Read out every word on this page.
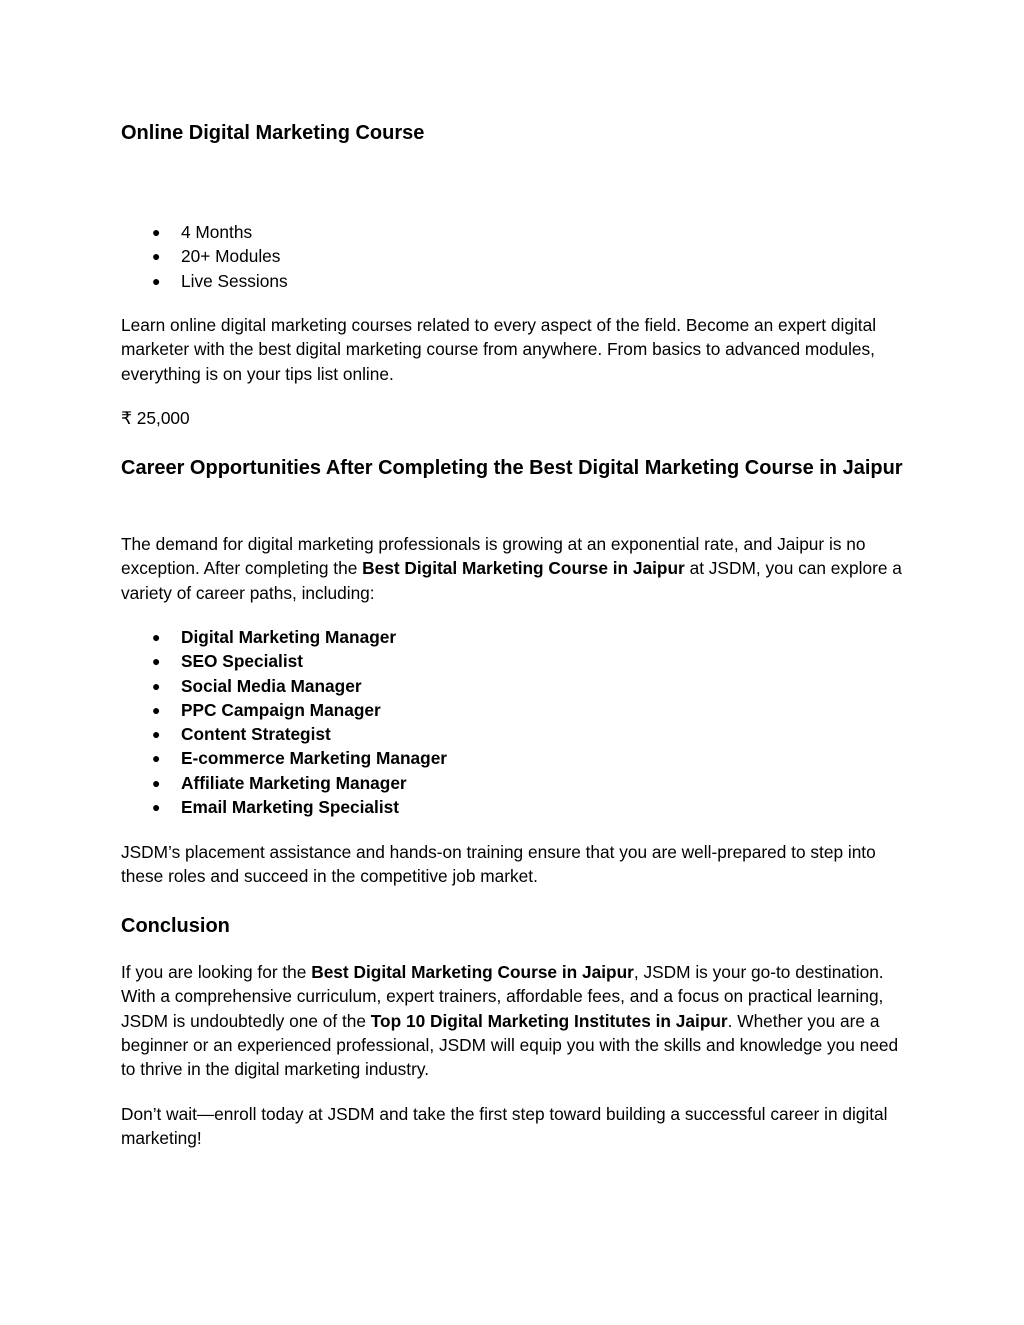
Online Digital Marketing Course
● 4 Months
● 20+ Modules
● Live Sessions

Learn online digital marketing courses related to every aspect of the field. Become an expert digital marketer with the best digital marketing course from anywhere. From basics to advanced modules, everything is on your tips list online.

₹ 25,000

Career Opportunities After Completing the Best Digital Marketing Course in Jaipur

The demand for digital marketing professionals is growing at an exponential rate, and Jaipur is no exception. After completing the Best Digital Marketing Course in Jaipur at JSDM, you can explore a variety of career paths, including:

● Digital Marketing Manager
● SEO Specialist
● Social Media Manager
● PPC Campaign Manager
● Content Strategist
● E-commerce Marketing Manager
● Affiliate Marketing Manager
● Email Marketing Specialist

JSDM’s placement assistance and hands-on training ensure that you are well-prepared to step into these roles and succeed in the competitive job market.

Conclusion

If you are looking for the Best Digital Marketing Course in Jaipur, JSDM is your go-to destination. With a comprehensive curriculum, expert trainers, affordable fees, and a focus on practical learning, JSDM is undoubtedly one of the Top 10 Digital Marketing Institutes in Jaipur. Whether you are a beginner or an experienced professional, JSDM will equip you with the skills and knowledge you need to thrive in the digital marketing industry.

Don’t wait—enroll today at JSDM and take the first step toward building a successful career in digital marketing!
